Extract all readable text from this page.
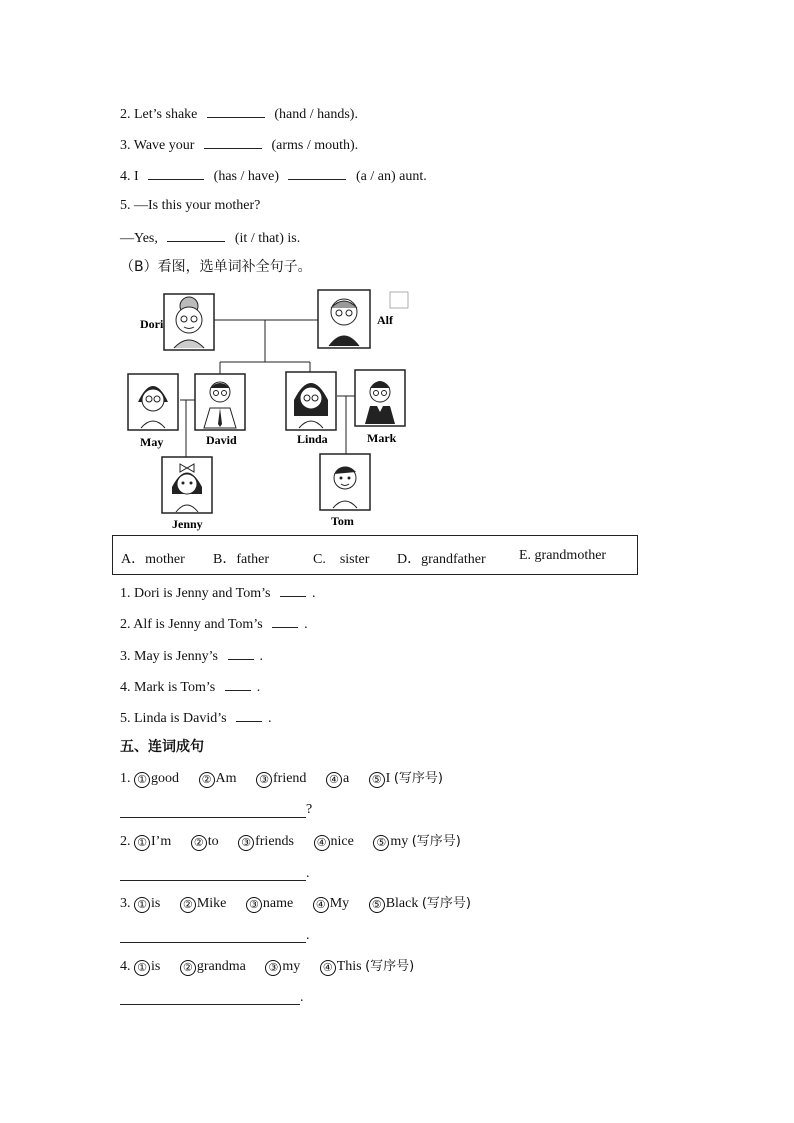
2. Let’s shake	(hand / hands).
3. Wave your	(arms / mouth).
4. I	(has / have)	(a / an) aunt.
5. —Is this your mother?
—Yes,	(it / that) is.
（B）看图，选单词补全句子。
Dori	Alf
May	David	Linda	Mark
Jenny	Tom
A．mother B．father	C.　sister D．grandfather E. grandmother
1. Dori is Jenny and Tom’s	.
2. Alf is Jenny and Tom’s	.
3. May is Jenny’s	.
4. Mark is Tom’s	.
5. Linda is David’s	.
五、连词成句
1. ① good ② Am ③ friend ④ a ⑤ I (写序号)
?
2. ① I’m ② to ③ friends ④ nice ⑤ my (写序号)
.
3. ① is ② Mike ③ name ④ My ⑤ Black (写序号)
.
4. ① is ② grandma ③ my ④ This (写序号)
.
